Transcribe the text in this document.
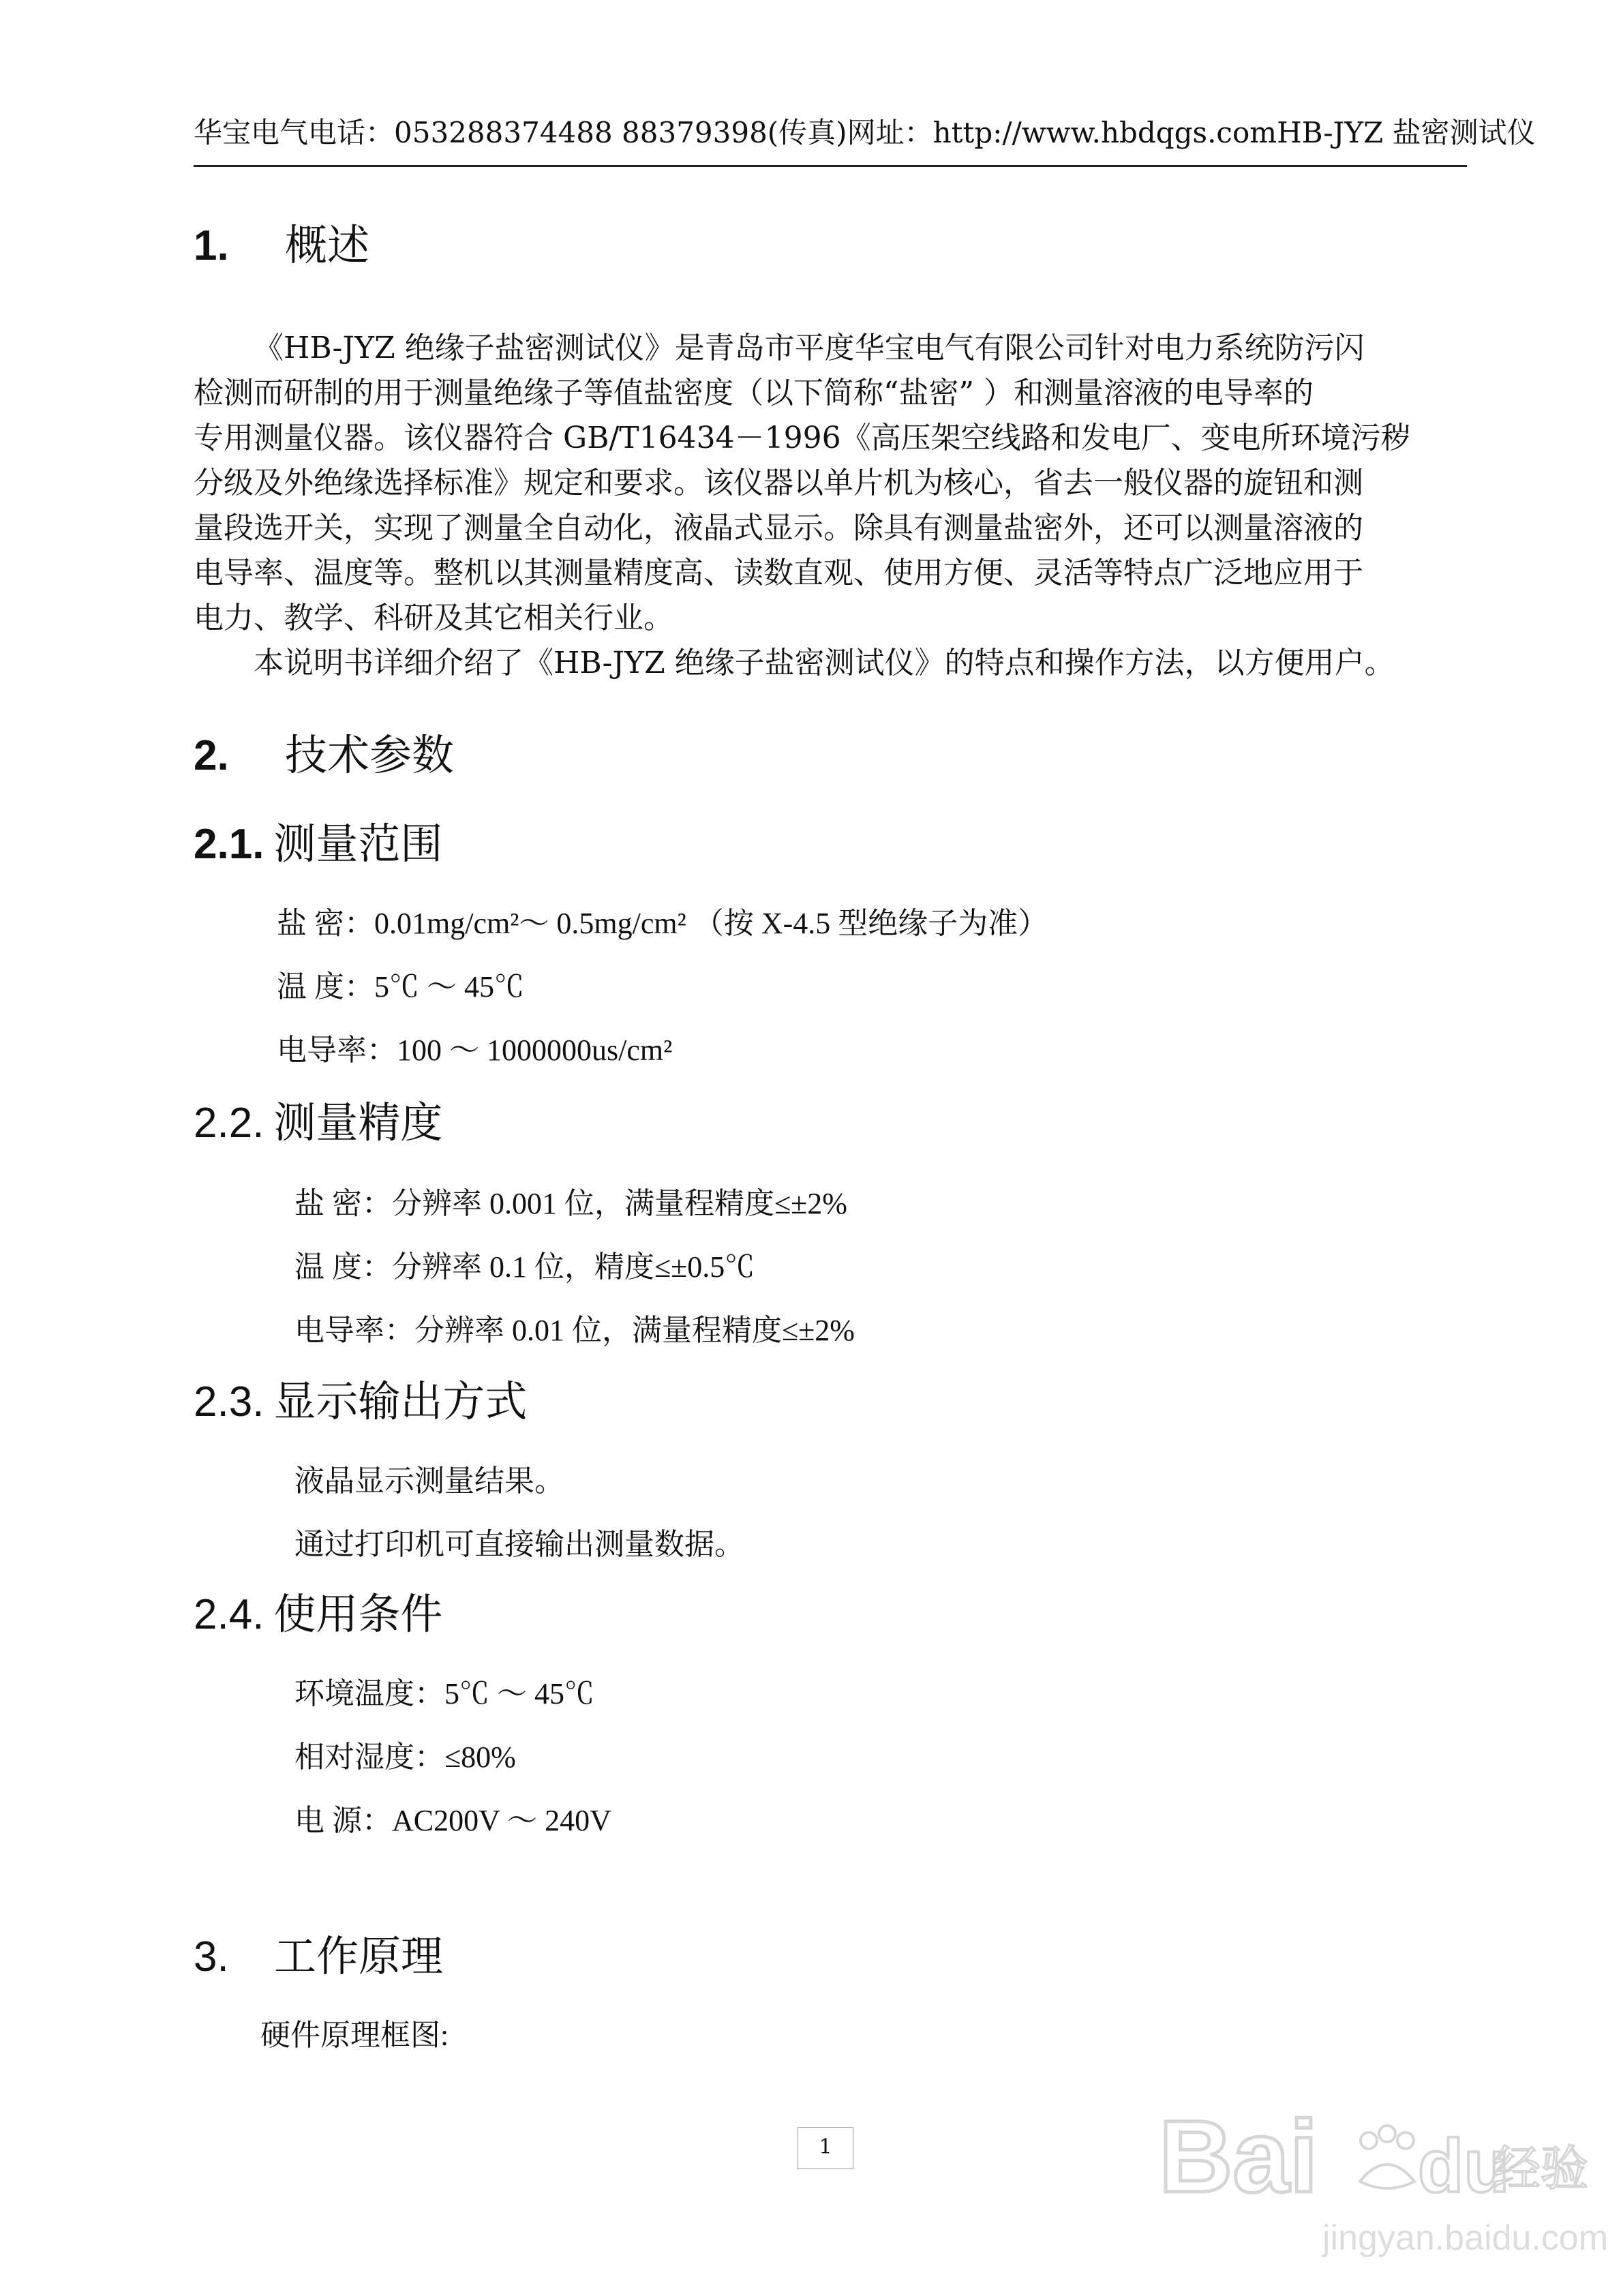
华宝电气 电话：053288374488 88379398(传真) 网址：http://www.hbdqgs.com HB-JYZ 盐密测试仪
1. 概述

《HB-JYZ 绝缘子盐密测试仪》是青岛市平度华宝电气有限公司针对电力系统防污闪
检测而研制的用于测量绝缘子等值盐密度（以下简称“盐密” ）和测量溶液的电导率的
专用测量仪器。该仪器符合 GB/T16434－1996《高压架空线路和发电厂、变电所环境污秽
分级及外绝缘选择标准》规定和要求。该仪器以单片机为核心，省去一般仪器的旋钮和测
量段选开关，实现了测量全自动化，液晶式显示。除具有测量盐密外，还可以测量溶液的
电导率、温度等。整机以其测量精度高、读数直观、使用方便、灵活等特点广泛地应用于
电力、教学、科研及其它相关行业。
本说明书详细介绍了《HB-JYZ 绝缘子盐密测试仪》的特点和操作方法，以方便用户。

2. 技术参数
2.1. 测量范围
盐 密：0.01mg/cm²～ 0.5mg/cm² （按 X-4.5 型绝缘子为准）
温 度：5℃ ～ 45℃
电导率：100 ～ 1000000us/cm²
2.2. 测量精度
盐 密：分辨率 0.001 位，满量程精度≤±2%
温 度：分辨率 0.1 位，精度≤±0.5℃
电导率：分辨率 0.01 位，满量程精度≤±2%
2.3. 显示输出方式
液晶显示测量结果。
通过打印机可直接输出测量数据。
2.4. 使用条件
环境温度：5℃ ～ 45℃
相对湿度：≤80%
电 源：AC200V ～ 240V
3. 工作原理
硬件原理框图:
1	Bai du
经验
jingyan.baidu.com
